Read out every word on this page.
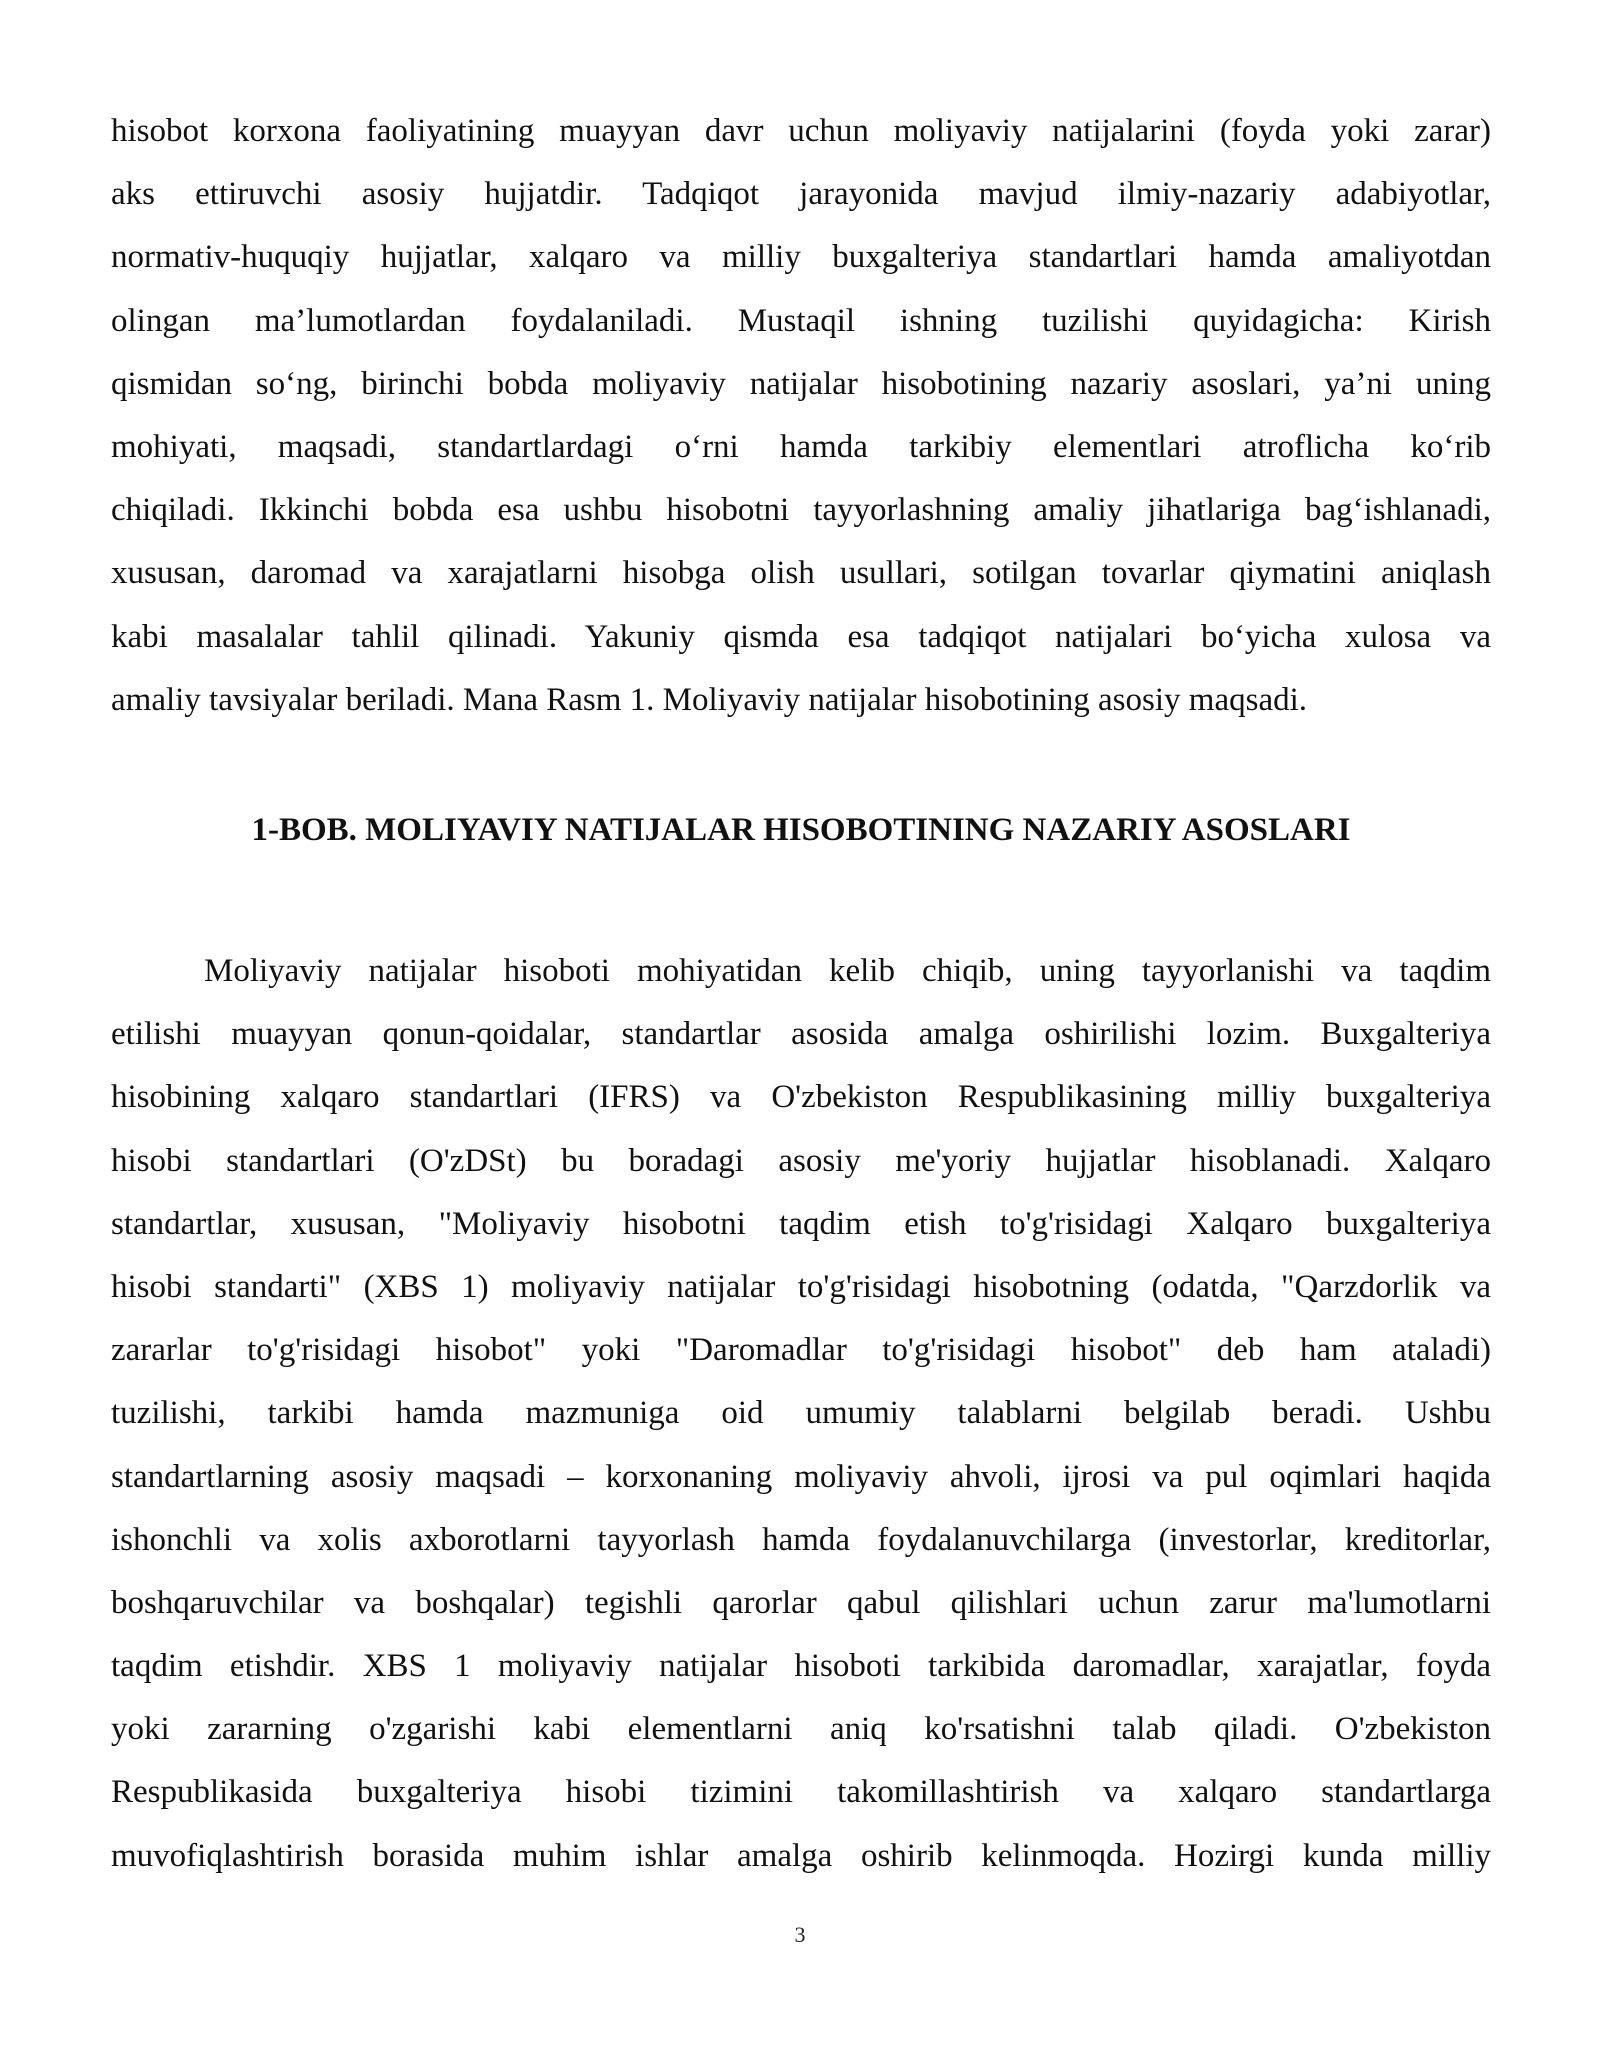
hisobot korxona faoliyatining muayyan davr uchun moliyaviy natijalarini (foyda yoki zarar)
aks ettiruvchi asosiy hujjatdir. Tadqiqot jarayonida mavjud ilmiy-nazariy adabiyotlar,
normativ-huquqiy hujjatlar, xalqaro va milliy buxgalteriya standartlari hamda amaliyotdan
olingan ma’lumotlardan foydalaniladi. Mustaqil ishning tuzilishi quyidagicha: Kirish
qismidan so‘ng, birinchi bobda moliyaviy natijalar hisobotining nazariy asoslari, ya’ni uning
mohiyati, maqsadi, standartlardagi o‘rni hamda tarkibiy elementlari atroflicha ko‘rib
chiqiladi. Ikkinchi bobda esa ushbu hisobotni tayyorlashning amaliy jihatlariga bag‘ishlanadi,
xususan, daromad va xarajatlarni hisobga olish usullari, sotilgan tovarlar qiymatini aniqlash
kabi masalalar tahlil qilinadi. Yakuniy qismda esa tadqiqot natijalari bo‘yicha xulosa va
amaliy tavsiyalar beriladi. Mana Rasm 1. Moliyaviy natijalar hisobotining asosiy maqsadi.
1-BOB. MOLIYAVIY NATIJALAR HISOBOTINING NAZARIY ASOSLARI
Moliyaviy natijalar hisoboti mohiyatidan kelib chiqib, uning tayyorlanishi va taqdim
etilishi muayyan qonun-qoidalar, standartlar asosida amalga oshirilishi lozim. Buxgalteriya
hisobining xalqaro standartlari (IFRS) va O'zbekiston Respublikasining milliy buxgalteriya
hisobi standartlari (O'zDSt) bu boradagi asosiy me'yoriy hujjatlar hisoblanadi. Xalqaro
standartlar, xususan, "Moliyaviy hisobotni taqdim etish to'g'risidagi Xalqaro buxgalteriya
hisobi standarti" (XBS 1) moliyaviy natijalar to'g'risidagi hisobotning (odatda, "Qarzdorlik va
zararlar to'g'risidagi hisobot" yoki "Daromadlar to'g'risidagi hisobot" deb ham ataladi)
tuzilishi, tarkibi hamda mazmuniga oid umumiy talablarni belgilab beradi. Ushbu
standartlarning asosiy maqsadi – korxonaning moliyaviy ahvoli, ijrosi va pul oqimlari haqida
ishonchli va xolis axborotlarni tayyorlash hamda foydalanuvchilarga (investorlar, kreditorlar,
boshqaruvchilar va boshqalar) tegishli qarorlar qabul qilishlari uchun zarur ma'lumotlarni
taqdim etishdir. XBS 1 moliyaviy natijalar hisoboti tarkibida daromadlar, xarajatlar, foyda
yoki zararning o'zgarishi kabi elementlarni aniq ko'rsatishni talab qiladi. O'zbekiston
Respublikasida buxgalteriya hisobi tizimini takomillashtirish va xalqaro standartlarga
muvofiqlashtirish borasida muhim ishlar amalga oshirib kelinmoqda. Hozirgi kunda milliy
3
